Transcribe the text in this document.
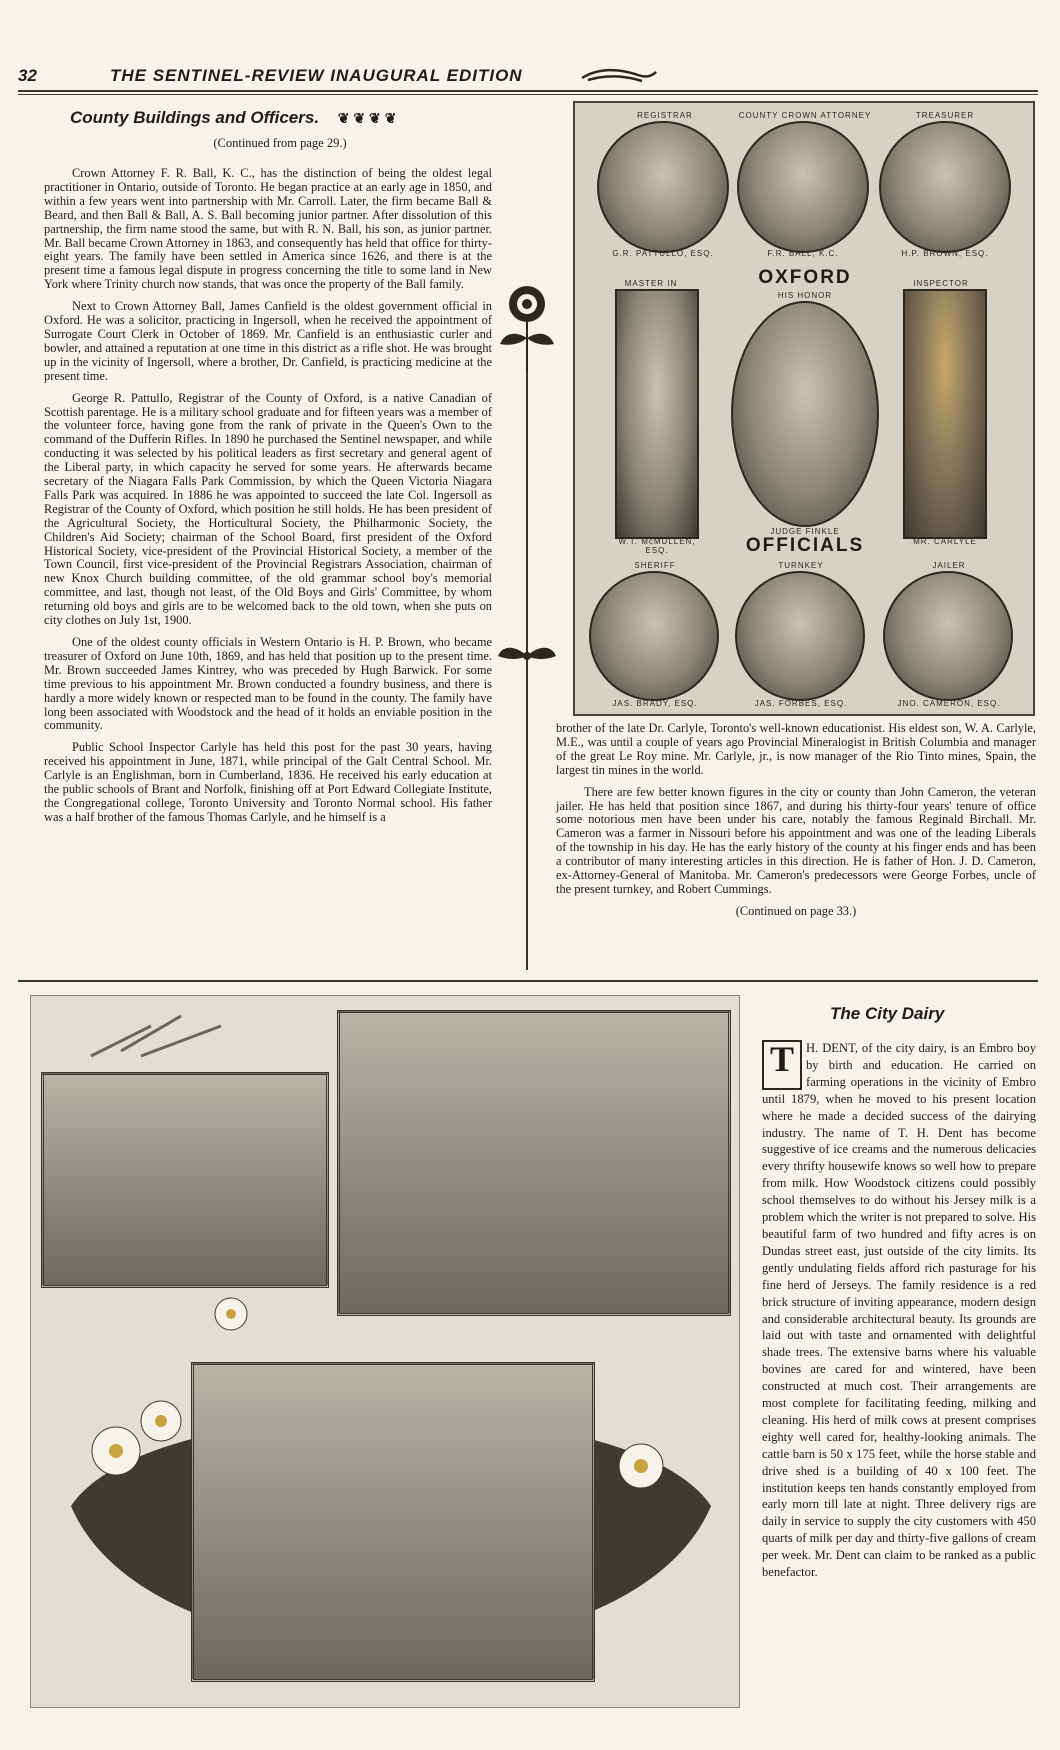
32	THE SENTINEL-REVIEW INAUGURAL EDITION
County Buildings and Officers. ❦ ❦ ❦ ❦
(Continued from page 29.)

Crown Attorney F. R. Ball, K. C., has the distinction of being the oldest legal practitioner in Ontario, outside of Toronto. He began practice at an early age in 1850, and within a few years went into partnership with Mr. Carroll. Later, the firm became Ball & Beard, and then Ball & Ball, A. S. Ball becoming junior partner. After dissolution of this partnership, the firm name stood the same, but with R. N. Ball, his son, as junior partner. Mr. Ball became Crown Attorney in 1863, and consequently has held that office for thirty-eight years. The family have been settled in America since 1626, and there is at the present time a famous legal dispute in progress concerning the title to some land in New York where Trinity church now stands, that was once the property of the Ball family.

Next to Crown Attorney Ball, James Canfield is the oldest government official in Oxford. He was a solicitor, practicing in Ingersoll, when he received the appointment of Surrogate Court Clerk in October of 1869. Mr. Canfield is an enthusiastic curler and bowler, and attained a reputation at one time in this district as a rifle shot. He was brought up in the vicinity of Ingersoll, where a brother, Dr. Canfield, is practicing medicine at the present time.

George R. Pattullo, Registrar of the County of Oxford, is a native Canadian of Scottish parentage. He is a military school graduate and for fifteen years was a member of the volunteer force, having gone from the rank of private in the Queen's Own to the command of the Dufferin Rifles. In 1890 he purchased the Sentinel newspaper, and while conducting it was selected by his political leaders as first secretary and general agent of the Liberal party, in which capacity he served for some years. He afterwards became secretary of the Niagara Falls Park Commission, by which the Queen Victoria Niagara Falls Park was acquired. In 1886 he was appointed to succeed the late Col. Ingersoll as Registrar of the County of Oxford, which position he still holds. He has been president of the Agricultural Society, the Horticultural Society, the Philharmonic Society, the Children's Aid Society; chairman of the School Board, first president of the Oxford Historical Society, vice-president of the Provincial Historical Society, a member of the Town Council, first vice-president of the Provincial Registrars Association, chairman of new Knox Church building committee, of the old grammar school boy's memorial committee, and last, though not least, of the Old Boys and Girls' Committee, by whom returning old boys and girls are to be welcomed back to the old town, when she puts on city clothes on July 1st, 1900.

One of the oldest county officials in Western Ontario is H. P. Brown, who became treasurer of Oxford on June 10th, 1869, and has held that position up to the present time. Mr. Brown succeeded James Kintrey, who was preceded by Hugh Barwick. For some time previous to his appointment Mr. Brown conducted a foundry business, and there is hardly a more widely known or respected man to be found in the county. The family have long been associated with Woodstock and the head of it holds an enviable position in the community.

Public School Inspector Carlyle has held this post for the past 30 years, having received his appointment in June, 1871, while principal of the Galt Central School. Mr. Carlyle is an Englishman, born in Cumberland, 1836. He received his early education at the public schools of Brant and Norfolk, finishing off at Port Edward Collegiate Institute, the Congregational college, Toronto University and Toronto Normal school. His father was a half brother of the famous Thomas Carlyle, and he himself is a

REGISTRAR	COUNTY CROWN ATTORNEY	TREASURER
G.R. PATTULLO, ESQ.	F.R. BALL, K.C.	H.P. BROWN, ESQ.
OXFORD
MASTER IN
W.T. McMULLEN, ESQ.
HIS HONOR
JUDGE FINKLE
INSPECTOR
MR. CARLYLE
OFFICIALS
SHERIFF	TURNKEY	JAILER
JAS. BRADY, ESQ.	JAS. FORBES, ESQ.	JNO. CAMERON, ESQ.

brother of the late Dr. Carlyle, Toronto's well-known educationist. His eldest son, W. A. Carlyle, M.E., was until a couple of years ago Provincial Mineralogist in British Columbia and manager of the great Le Roy mine. Mr. Carlyle, jr., is now manager of the Rio Tinto mines, Spain, the largest tin mines in the world.

There are few better known figures in the city or county than John Cameron, the veteran jailer. He has held that position since 1867, and during his thirty-four years' tenure of office some notorious men have been under his care, notably the famous Reginald Birchall. Mr. Cameron was a farmer in Nissouri before his appointment and was one of the leading Liberals of the township in his day. He has the early history of the county at his finger ends and has been a contributor of many interesting articles in this direction. He is father of Hon. J. D. Cameron, ex-Attorney-General of Manitoba. Mr. Cameron's predecessors were George Forbes, uncle of the present turnkey, and Robert Cummings.

(Continued on page 33.)
The City Dairy
T H. DENT, of the city dairy, is an Embro boy by birth and education. He carried on farming operations in the vicinity of Embro until 1879, when he moved to his present location where he made a decided success of the dairying industry. The name of T. H. Dent has become suggestive of ice creams and the numerous delicacies every thrifty housewife knows so well how to prepare from milk. How Woodstock citizens could possibly school themselves to do without his Jersey milk is a problem which the writer is not prepared to solve. His beautiful farm of two hundred and fifty acres is on Dundas street east, just outside of the city limits. Its gently undulating fields afford rich pasturage for his fine herd of Jerseys. The family residence is a red brick structure of inviting appearance, modern design and considerable architectural beauty. Its grounds are laid out with taste and ornamented with delightful shade trees. The extensive barns where his valuable bovines are cared for and wintered, have been constructed at much cost. Their arrangements are most complete for facilitating feeding, milking and cleaning. His herd of milk cows at present comprises eighty well cared for, healthy-looking animals. The cattle barn is 50 x 175 feet, while the horse stable and drive shed is a building of 40 x 100 feet. The institution keeps ten hands constantly employed from early morn till late at night. Three delivery rigs are daily in service to supply the city customers with 450 quarts of milk per day and thirty-five gallons of cream per week. Mr. Dent can claim to be ranked as a public benefactor.
